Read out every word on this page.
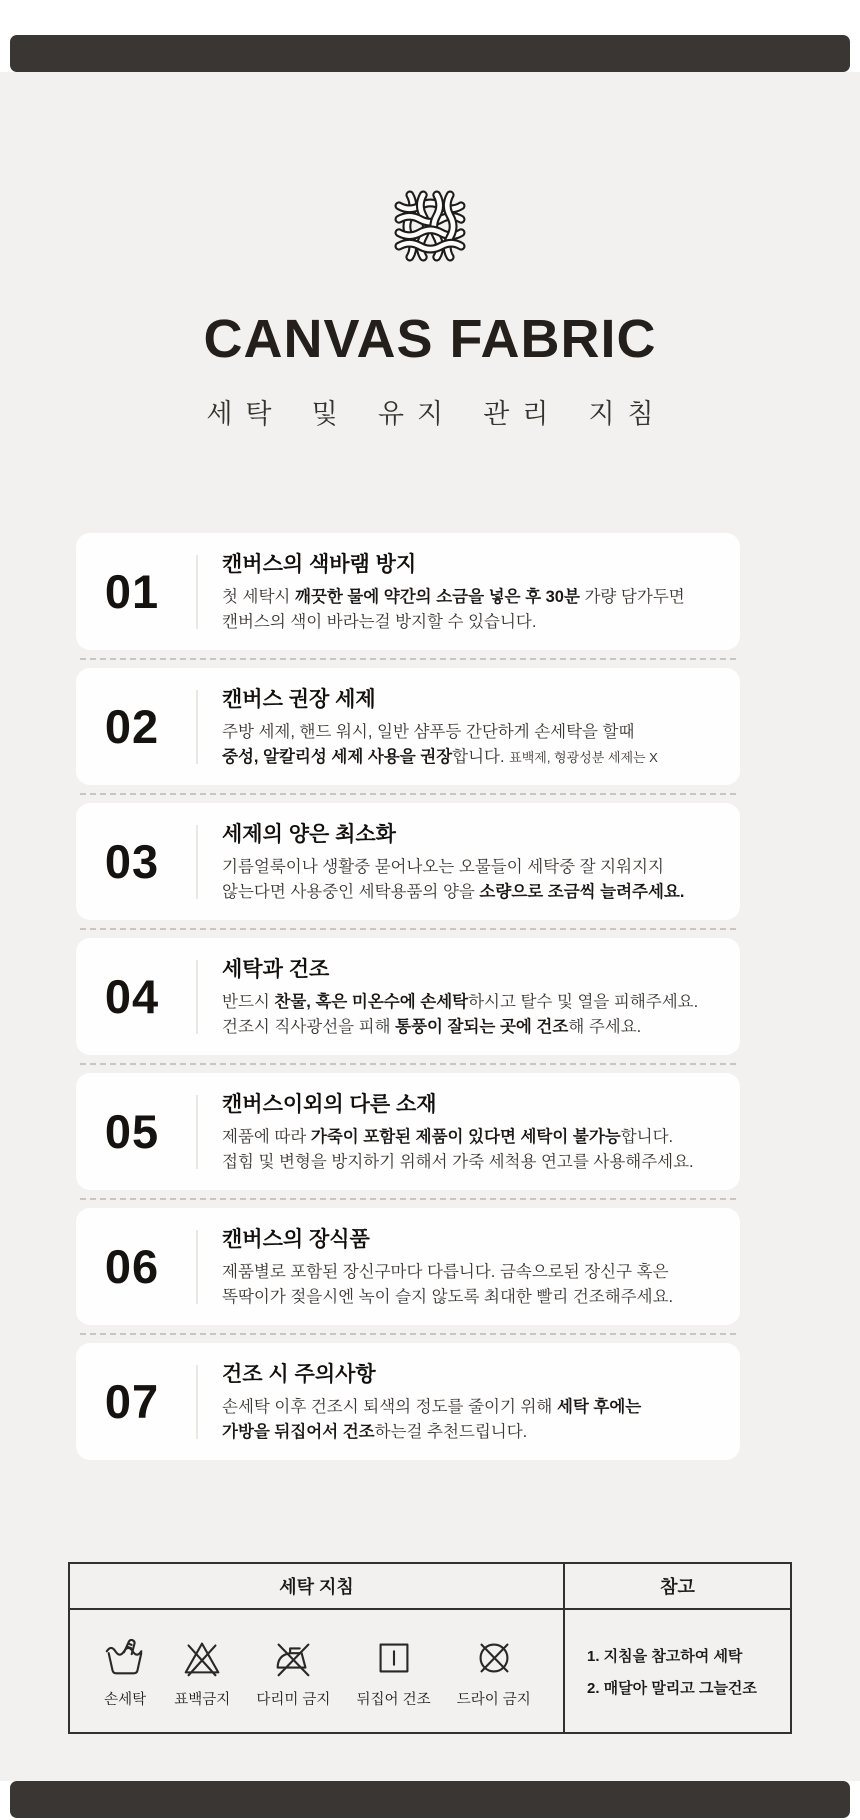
CANVAS FABRIC
세탁 및 유지 관리 지침
01
캔버스의 색바램 방지
첫 세탁시 깨끗한 물에 약간의 소금을 넣은 후 30분 가량 담가두면
캔버스의 색이 바라는걸 방지할 수 있습니다.
02
캔버스 권장 세제
주방 세제, 핸드 워시, 일반 샴푸등 간단하게 손세탁을 할때
중성, 알칼리성 세제 사용을 권장합니다. 표백제, 형광성분 세제는 X
03
세제의 양은 최소화
기름얼룩이나 생활중 묻어나오는 오물들이 세탁중 잘 지워지지
않는다면 사용중인 세탁용품의 양을 소량으로 조금씩 늘려주세요.
04
세탁과 건조
반드시 찬물, 혹은 미온수에 손세탁하시고 탈수 및 열을 피해주세요.
건조시 직사광선을 피해 통풍이 잘되는 곳에 건조해 주세요.
05
캔버스이외의 다른 소재
제품에 따라 가죽이 포함된 제품이 있다면 세탁이 불가능합니다.
접힘 및 변형을 방지하기 위해서 가죽 세척용 연고를 사용해주세요.
06
캔버스의 장식품
제품별로 포함된 장신구마다 다릅니다. 금속으로된 장신구 혹은
똑딱이가 젖을시엔 녹이 슬지 않도록 최대한 빨리 건조해주세요.
07
건조 시 주의사항
손세탁 이후 건조시 퇴색의 정도를 줄이기 위해 세탁 후에는
가방을 뒤집어서 건조하는걸 추천드립니다.
세탁 지침	참고
손세탁 표백금지 다리미 금지 뒤집어 건조 드라이 금지
1. 지침을 참고하여 세탁
2. 매달아 말리고 그늘건조
